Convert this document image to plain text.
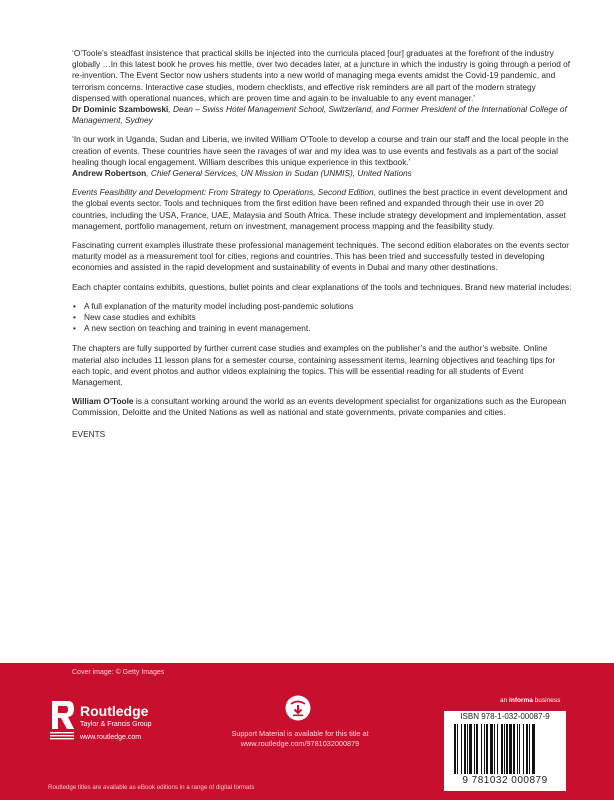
‘O’Toole’s steadfast insistence that practical skills be injected into the curricula placed [our] graduates at the forefront of the industry globally …In this latest book he proves his mettle, over two decades later, at a juncture in which the industry is going through a period of re-invention. The Event Sector now ushers students into a new world of managing mega events amidst the Covid-19 pandemic, and terrorism concerns. Interactive case studies, modern checklists, and effective risk reminders are all part of the modern strategy dispensed with operational nuances, which are proven time and again to be invaluable to any event manager.’
Dr Dominic Szambowski, Dean – Swiss Hotel Management School, Switzerland, and Former President of the International College of Management, Sydney
‘In our work in Uganda, Sudan and Liberia, we invited William O’Toole to develop a course and train our staff and the local people in the creation of events. These countries have seen the ravages of war and my idea was to use events and festivals as a part of the social healing though local engagement. William describes this unique experience in this textbook.’
Andrew Robertson, Chief General Services, UN Mission in Sudan (UNMIS), United Nations
Events Feasibility and Development: From Strategy to Operations, Second Edition, outlines the best practice in event development and the global events sector. Tools and techniques from the first edition have been refined and expanded through their use in over 20 countries, including the USA, France, UAE, Malaysia and South Africa. These include strategy development and implementation, asset management, portfolio management, return on investment, management process mapping and the feasibility study.
Fascinating current examples illustrate these professional management techniques. The second edition elaborates on the events sector maturity model as a measurement tool for cities, regions and countries. This has been tried and successfully tested in developing economies and assisted in the rapid development and sustainability of events in Dubai and many other destinations.
Each chapter contains exhibits, questions, bullet points and clear explanations of the tools and techniques. Brand new material includes:
• A full explanation of the maturity model including post-pandemic solutions
• New case studies and exhibits
• A new section on teaching and training in event management.
The chapters are fully supported by further current case studies and examples on the publisher’s and the author’s website. Online material also includes 11 lesson plans for a semester course, containing assessment items, learning objectives and teaching tips for each topic, and event photos and author videos explaining the topics. This will be essential reading for all students of Event Management.
William O’Toole is a consultant working around the world as an events development specialist for organizations such as the European Commission, Deloitte and the United Nations as well as national and state governments, private companies and cities.
EVENTS
Cover image: © Getty Images
Routledge
Taylor & Francis Group
www.routledge.com	Support Material is available for this title at
www.routledge.com/9781032000879
an informa business
ISBN 978-1-032-00087-9
9 781032 000879
Routledge titles are available as eBook editions in a range of digital formats
